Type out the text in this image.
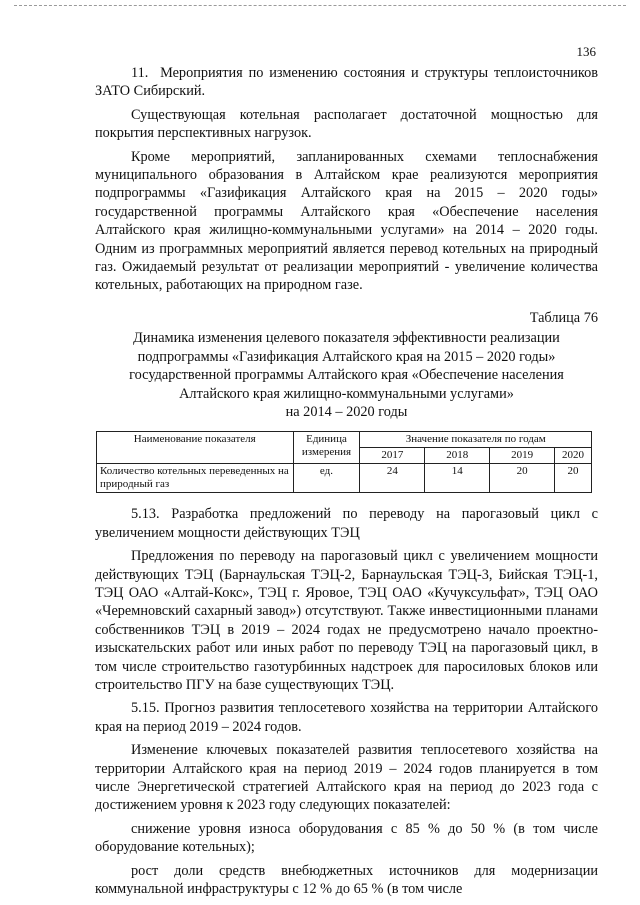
136

11.  Мероприятия по изменению состояния и структуры теплоисточников ЗАТО Сибирский.

Существующая котельная располагает достаточной мощностью для покрытия перспективных нагрузок.

Кроме мероприятий, запланированных схемами теплоснабжения муниципального образования в Алтайском крае реализуются мероприятия подпрограммы «Газификация Алтайского края на 2015 – 2020 годы» государственной программы Алтайского края «Обеспечение населения Алтайского края жилищно-коммунальными услугами» на 2014 – 2020 годы. Одним из программных мероприятий является перевод котельных на природный газ. Ожидаемый результат от реализации мероприятий - увеличение количества котельных, работающих на природном газе.

Таблица 76
Динамика изменения целевого показателя эффективности реализации
подпрограммы «Газификация Алтайского края на 2015 – 2020 годы»
государственной программы Алтайского края «Обеспечение населения
Алтайского края жилищно-коммунальными услугами»
на 2014 – 2020 годы
Наименование показателя	Единица измерения	Значение показателя по годам			
		2017	2018	2019	2020
Количество котельных переведенных на природный газ	ед.	24	14	20	20

5.13. Разработка предложений по переводу на парогазовый цикл с увеличением мощности действующих ТЭЦ

Предложения по переводу на парогазовый цикл с увеличением мощности действующих ТЭЦ (Барнаульская ТЭЦ-2, Барнаульская ТЭЦ-3, Бийская ТЭЦ-1, ТЭЦ ОАО «Алтай-Кокс», ТЭЦ г. Яровое, ТЭЦ ОАО «Кучуксульфат», ТЭЦ ОАО «Черемновский сахарный завод») отсутствуют. Также инвестиционными планами собственников ТЭЦ в 2019 – 2024 годах не предусмотрено начало проектно-изыскательских работ или иных работ по переводу ТЭЦ на парогазовый цикл, в том числе строительство газотурбинных надстроек для паросиловых блоков или строительство ПГУ на базе существующих ТЭЦ.

5.15. Прогноз развития теплосетевого хозяйства на территории Алтайского края на период 2019 – 2024 годов.

Изменение ключевых показателей развития теплосетевого хозяйства на территории Алтайского края на период 2019 – 2024 годов планируется в том числе Энергетической стратегией Алтайского края на период до 2023 года с достижением уровня к 2023 году следующих показателей:

снижение уровня износа оборудования с 85 % до 50 % (в том числе оборудование котельных);

рост доли средств внебюджетных источников для модернизации коммунальной инфраструктуры с 12 % до 65 % (в том числе
